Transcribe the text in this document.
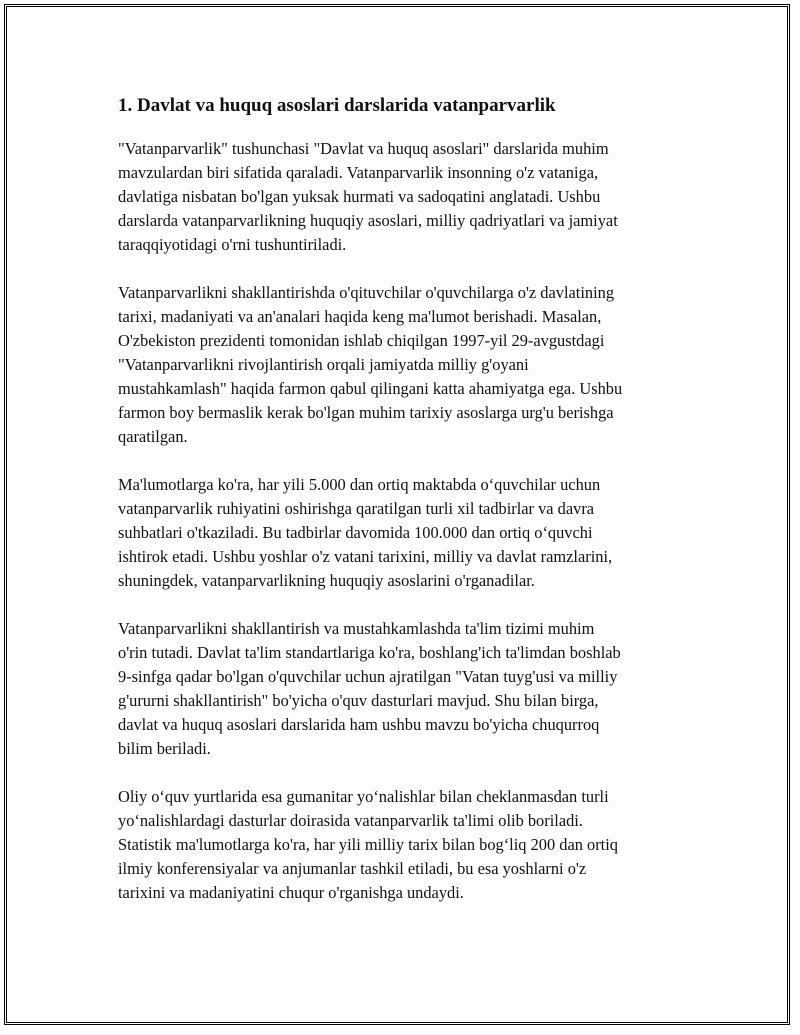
1. Davlat va huquq asoslari darslarida vatanparvarlik

"Vatanparvarlik" tushunchasi "Davlat va huquq asoslari" darslarida muhim
mavzulardan biri sifatida qaraladi. Vatanparvarlik insonning o'z vataniga,
davlatiga nisbatan bo'lgan yuksak hurmati va sadoqatini anglatadi. Ushbu
darslarda vatanparvarlikning huquqiy asoslari, milliy qadriyatlari va jamiyat
taraqqiyotidagi o'rni tushuntiriladi.

Vatanparvarlikni shakllantirishda o'qituvchilar o'quvchilarga o'z davlatining
tarixi, madaniyati va an'analari haqida keng ma'lumot berishadi. Masalan,
O'zbekiston prezidenti tomonidan ishlab chiqilgan 1997-yil 29-avgustdagi
"Vatanparvarlikni rivojlantirish orqali jamiyatda milliy g'oyani
mustahkamlash" haqida farmon qabul qilingani katta ahamiyatga ega. Ushbu
farmon boy bermaslik kerak bo'lgan muhim tarixiy asoslarga urg'u berishga
qaratilgan.

Ma'lumotlarga ko'ra, har yili 5.000 dan ortiq maktabda o‘quvchilar uchun
vatanparvarlik ruhiyatini oshirishga qaratilgan turli xil tadbirlar va davra
suhbatlari o'tkaziladi. Bu tadbirlar davomida 100.000 dan ortiq o‘quvchi
ishtirok etadi. Ushbu yoshlar o'z vatani tarixini, milliy va davlat ramzlarini,
shuningdek, vatanparvarlikning huquqiy asoslarini o'rganadilar.

Vatanparvarlikni shakllantirish va mustahkamlashda ta'lim tizimi muhim
o'rin tutadi. Davlat ta'lim standartlariga ko'ra, boshlang'ich ta'limdan boshlab
9-sinfga qadar bo'lgan o'quvchilar uchun ajratilgan "Vatan tuyg'usi va milliy
g'ururni shakllantirish" bo'yicha o'quv dasturlari mavjud. Shu bilan birga,
davlat va huquq asoslari darslarida ham ushbu mavzu bo'yicha chuqurroq
bilim beriladi.

Oliy o‘quv yurtlarida esa gumanitar yo‘nalishlar bilan cheklanmasdan turli
yo‘nalishlardagi dasturlar doirasida vatanparvarlik ta'limi olib boriladi.
Statistik ma'lumotlarga ko'ra, har yili milliy tarix bilan bog‘liq 200 dan ortiq
ilmiy konferensiyalar va anjumanlar tashkil etiladi, bu esa yoshlarni o'z
tarixini va madaniyatini chuqur o'rganishga undaydi.
